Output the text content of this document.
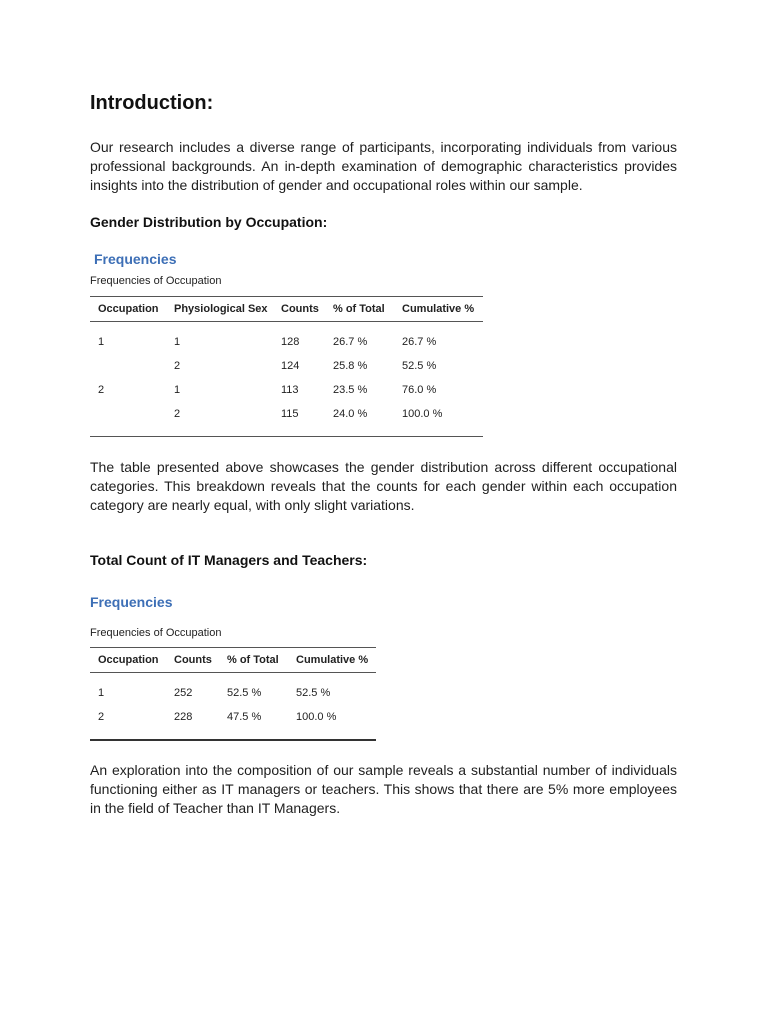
Introduction:

Our research includes a diverse range of participants, incorporating individuals from various professional backgrounds. An in-depth examination of demographic characteristics provides insights into the distribution of gender and occupational roles within our sample.

Gender Distribution by Occupation:

Frequencies

Frequencies of Occupation

Occupation	Physiological Sex	Counts	% of Total	Cumulative %
1	1	128	26.7 %	26.7 %
	2	124	25.8 %	52.5 %
2	1	113	23.5 %	76.0 %
	2	115	24.0 %	100.0 %

The table presented above showcases the gender distribution across different occupational categories. This breakdown reveals that the counts for each gender within each occupation category are nearly equal, with only slight variations.

Total Count of IT Managers and Teachers:

Frequencies

Frequencies of Occupation

Occupation	Counts	% of Total	Cumulative %
1	252	52.5 %	52.5 %
2	228	47.5 %	100.0 %

An exploration into the composition of our sample reveals a substantial number of individuals functioning either as IT managers or teachers. This shows that there are 5% more employees in the field of Teacher than IT Managers.
